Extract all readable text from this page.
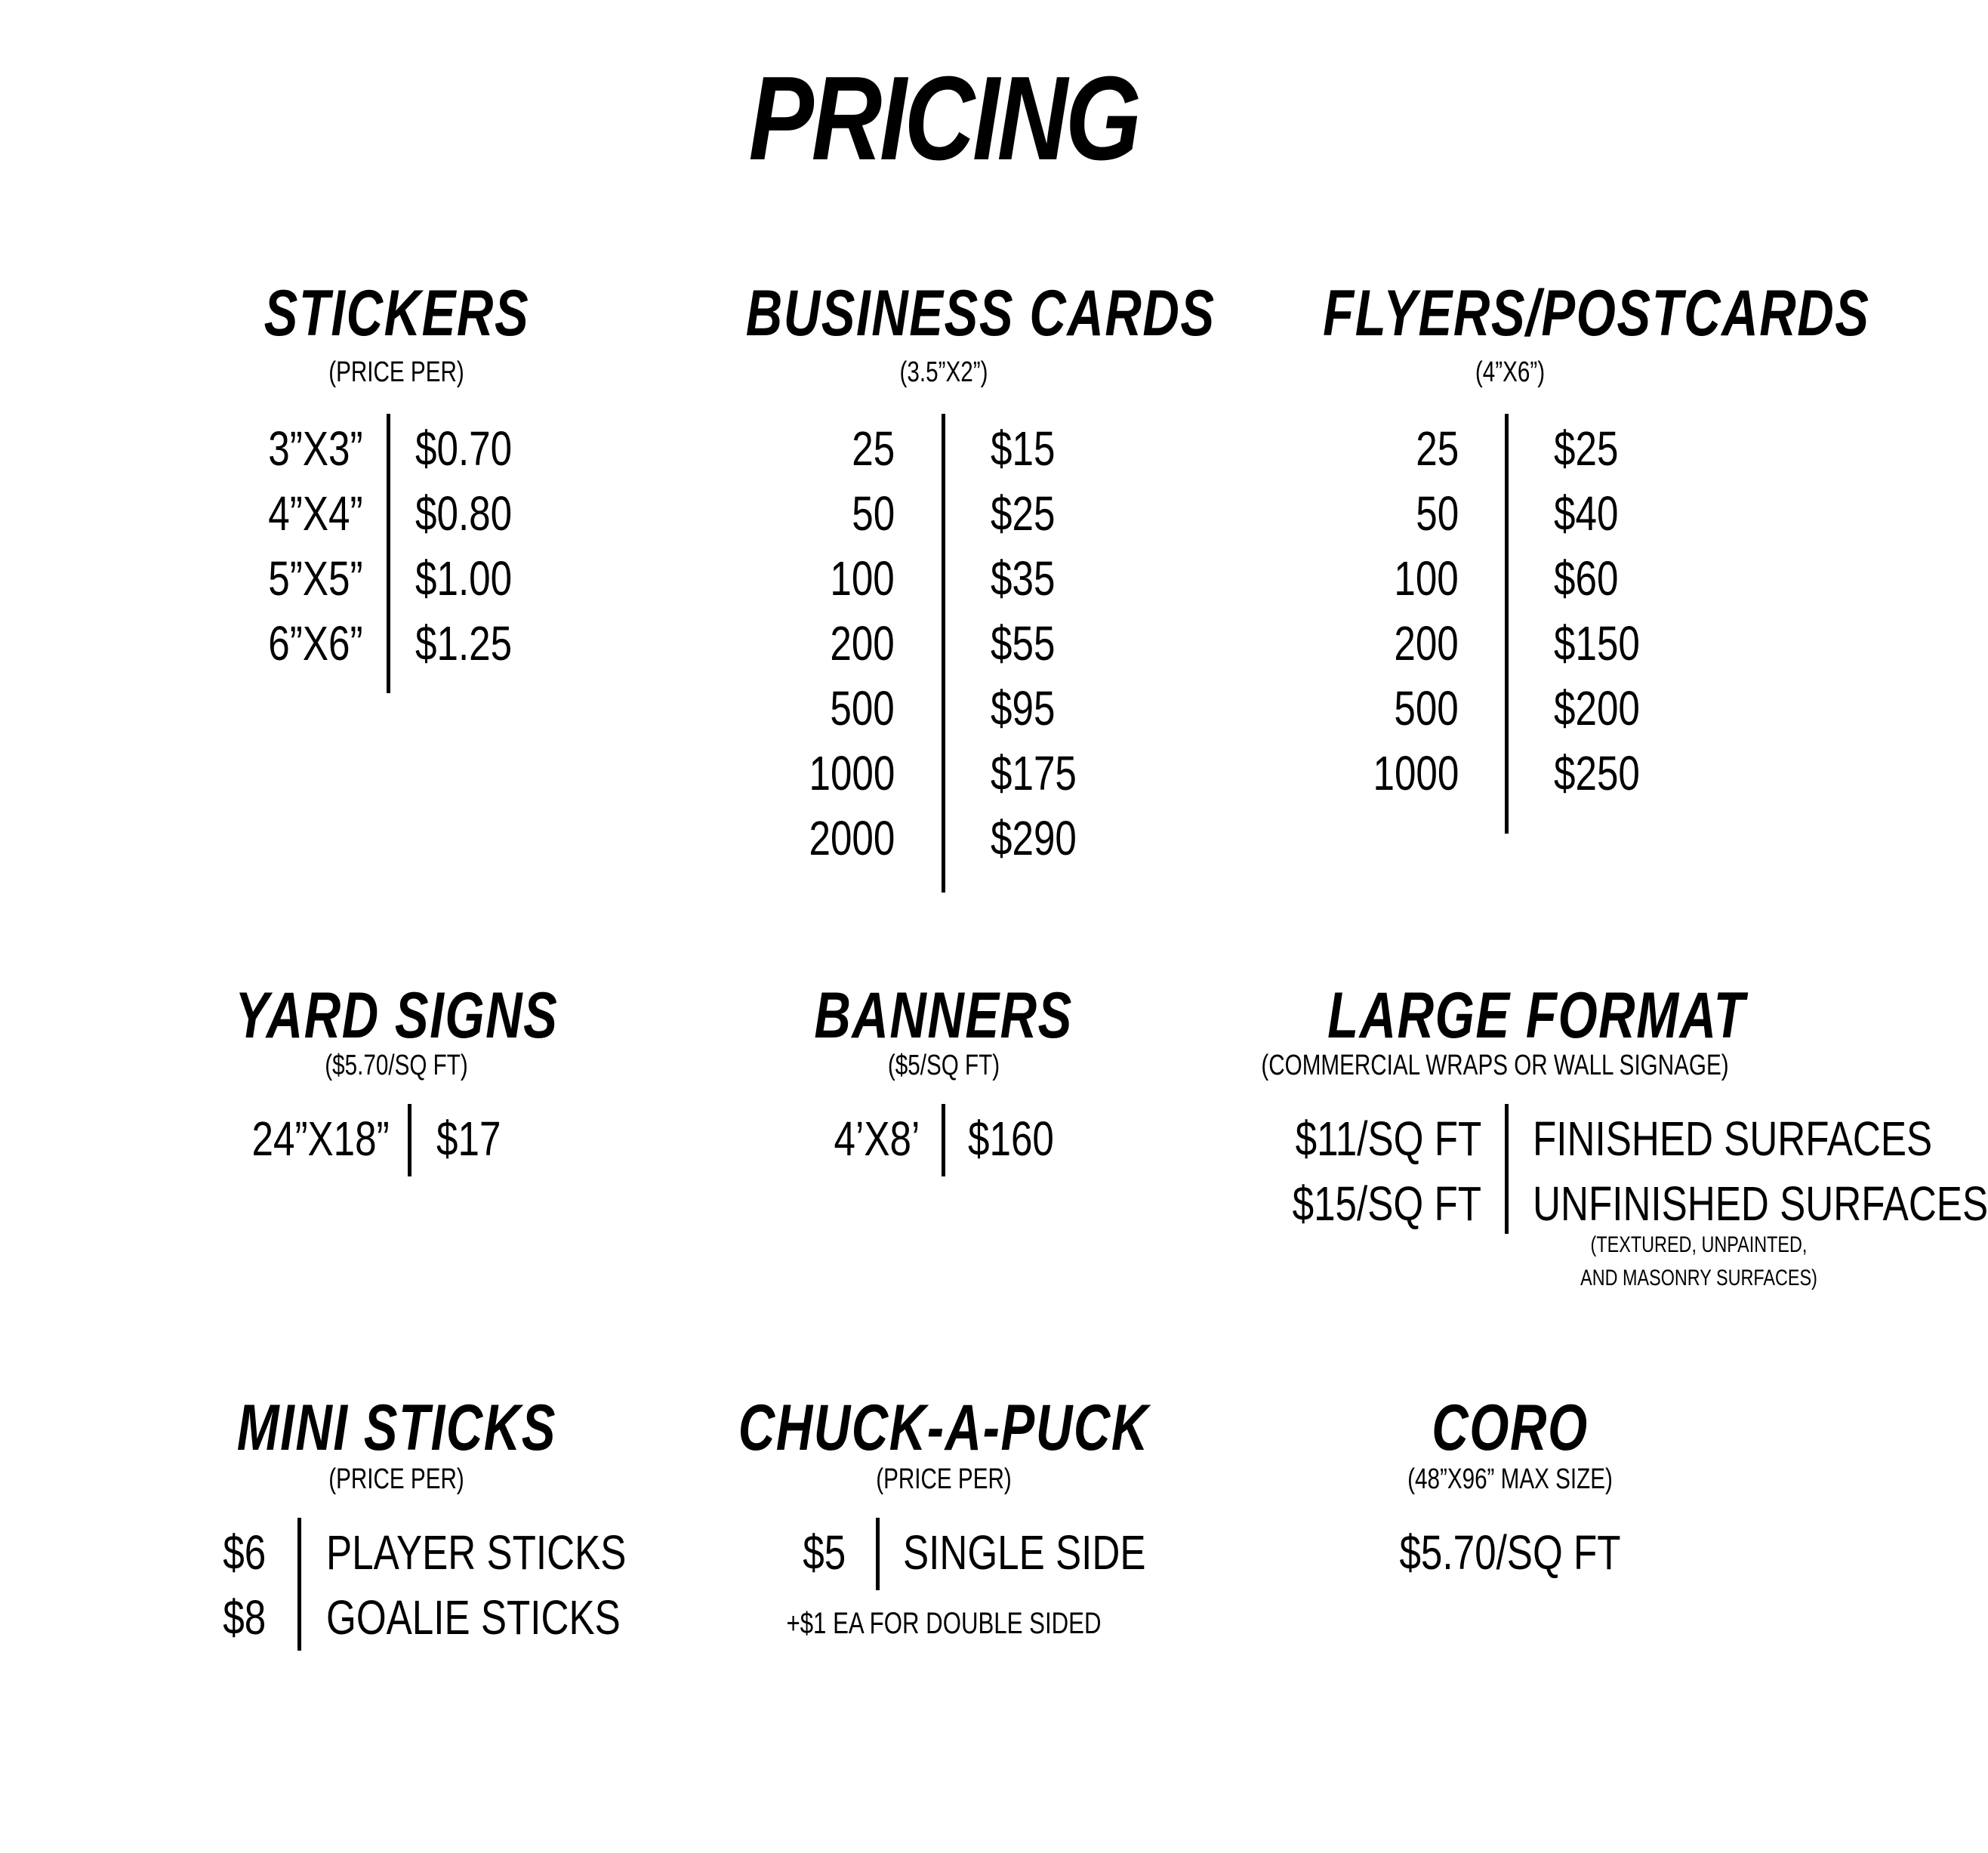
PRICING
STICKERS
(PRICE PER)
3”X3” $0.70
4”X4” $0.80
5”X5” $1.00
6”X6” $1.25
BUSINESS CARDS
(3.5”X2”)
25 $15
50 $25
100 $35
200 $55
500 $95
1000 $175
2000 $290
FLYERS/POSTCARDS
(4”X6”)
25 $25
50 $40
100 $60
200 $150
500 $200
1000 $250
YARD SIGNS
($5.70/SQ FT)
24”X18” $17
BANNERS
($5/SQ FT)
4’X8’ $160
LARGE FORMAT
(COMMERCIAL WRAPS OR WALL SIGNAGE)
$11/SQ FT FINISHED SURFACES
$15/SQ FT UNFINISHED SURFACES
(TEXTURED, UNPAINTED,
AND MASONRY SURFACES)
MINI STICKS
(PRICE PER)
$6 PLAYER STICKS
$8 GOALIE STICKS
CHUCK-A-PUCK
(PRICE PER)
$5 SINGLE SIDE
+$1 EA FOR DOUBLE SIDED
CORO
(48”X96” MAX SIZE)
$5.70/SQ FT
